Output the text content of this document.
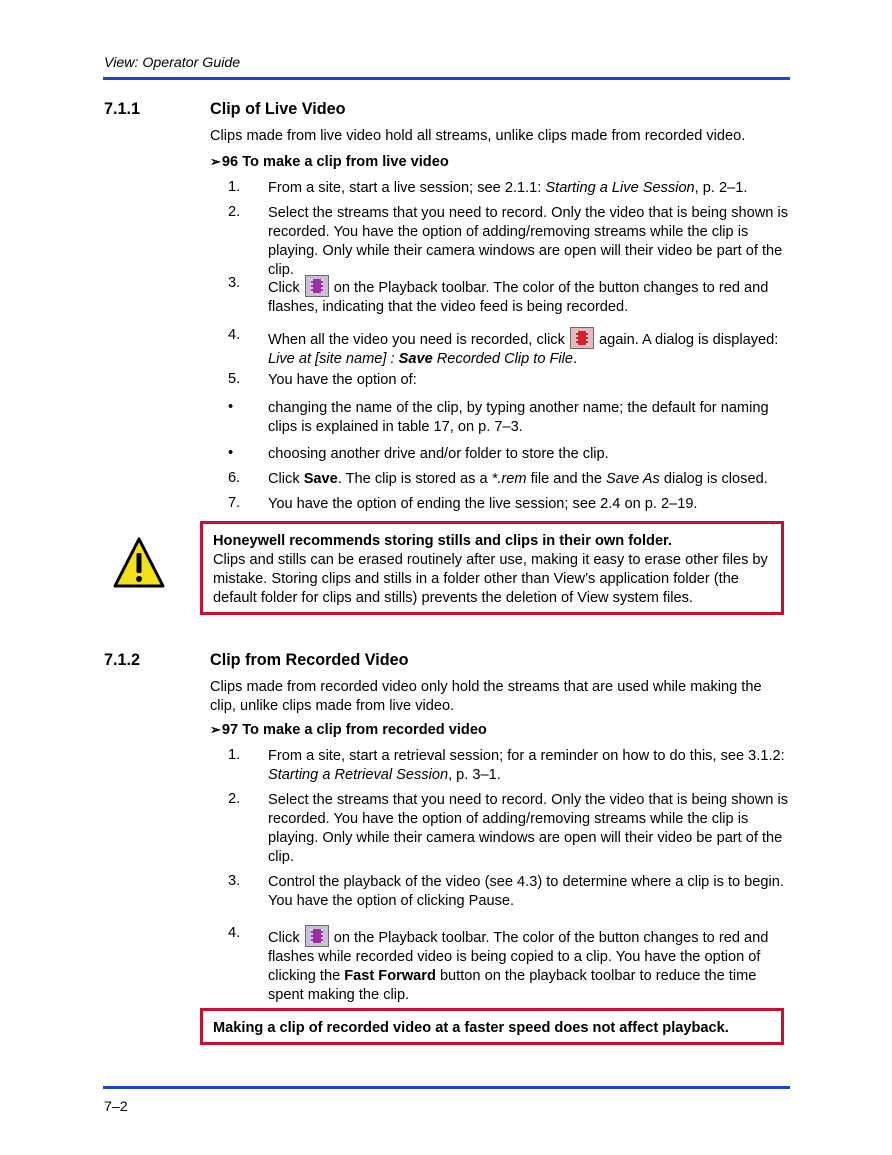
View: Operator Guide
7.1.1	Clip of Live Video
Clips made from live video hold all streams, unlike clips made from recorded video.
➢96 To make a clip from live video
1.	From a site, start a live session; see 2.1.1: Starting a Live Session, p. 2–1.
2.	Select the streams that you need to record. Only the video that is being shown is recorded. You have the option of adding/removing streams while the clip is playing. Only while their camera windows are open will their video be part of the clip.
3.	Click
on the Playback toolbar. The color of the button changes to red and flashes, indicating that the video feed is being recorded.
4.	When all the video you need is recorded, click
again. A dialog is displayed: Live at [site name] : Save Recorded Clip to File.
5.	You have the option of:
•	changing the name of the clip, by typing another name; the default for naming clips is explained in table 17, on p. 7–3.
•	choosing another drive and/or folder to store the clip.
6.	Click Save. The clip is stored as a *.rem file and the Save As dialog is closed.
7.	You have the option of ending the live session; see 2.4 on p. 2–19.
Honeywell recommends storing stills and clips in their own folder.
Clips and stills can be erased routinely after use, making it easy to erase other files by mistake. Storing clips and stills in a folder other than View’s application folder (the default folder for clips and stills) prevents the deletion of View system files.
7.1.2	Clip from Recorded Video
Clips made from recorded video only hold the streams that are used while making the clip, unlike clips made from live video.
➢97 To make a clip from recorded video
1.	From a site, start a retrieval session; for a reminder on how to do this, see 3.1.2: Starting a Retrieval Session, p. 3–1.
2.	Select the streams that you need to record. Only the video that is being shown is recorded. You have the option of adding/removing streams while the clip is playing. Only while their camera windows are open will their video be part of the clip.
3.	Control the playback of the video (see 4.3) to determine where a clip is to begin. You have the option of clicking Pause.
4.	Click
on the Playback toolbar. The color of the button changes to red and flashes while recorded video is being copied to a clip. You have the option of clicking the Fast Forward button on the playback toolbar to reduce the time spent making the clip.
Making a clip of recorded video at a faster speed does not affect playback.
7–2
